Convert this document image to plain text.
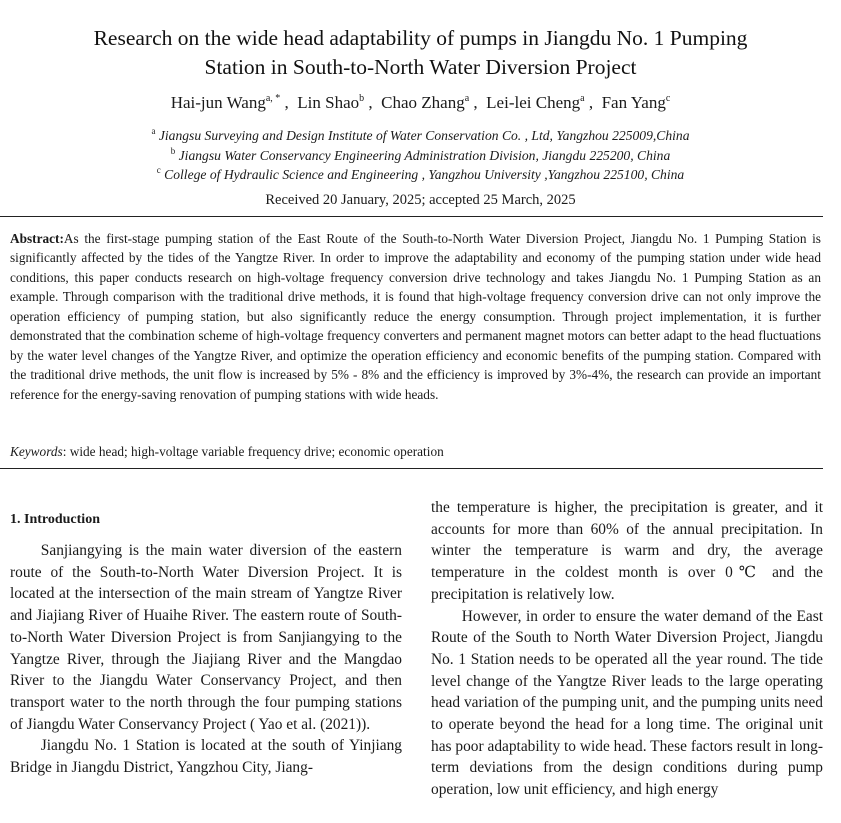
Research on the wide head adaptability of pumps in Jiangdu No. 1 Pumping
Station in South-to-North Water Diversion Project
Hai-jun Wang$^{a, *}$ ,  Lin Shao$^b$ ,  Chao Zhang$^a$ ,  Lei-lei Cheng$^a$ ,  Fan Yang$^c$
$^a$ Jiangsu Surveying and Design Institute of Water Conservation Co. , Ltd, Yangzhou 225009,China
$^b$ Jiangsu Water Conservancy Engineering Administration Division, Jiangdu 225200, China
$^c$ College of Hydraulic Science and Engineering , Yangzhou University ,Yangzhou 225100, China
Received 20 January, 2025; accepted 25 March, 2025
Abstract:As the first-stage pumping station of the East Route of the South-to-North Water Diversion Project, Jiangdu No. 1 Pumping Station is significantly affected by the tides of the Yangtze River. In order to improve the adaptability and economy of the pumping station under wide head conditions, this paper conducts research on high-voltage frequency conversion drive technology and takes Jiangdu No. 1 Pumping Station as an example. Through comparison with the traditional drive methods, it is found that high-voltage frequency conversion drive can not only improve the operation efficiency of pumping station, but also significantly reduce the energy consumption. Through project implementation, it is further demonstrated that the combination scheme of high-voltage frequency converters and permanent magnet motors can better adapt to the head fluctuations by the water level changes of the Yangtze River, and optimize the operation efficiency and economic benefits of the pumping station. Compared with the traditional drive methods, the unit flow is increased by 5% - 8% and the efficiency is improved by 3%-4%, the research can provide an important reference for the energy-saving renovation of pumping stations with wide heads.
Keywords: wide head; high-voltage variable frequency drive; economic operation
1. Introduction

Sanjiangying is the main water diversion of the eastern route of the South-to-North Water Diversion Project. It is located at the intersection of the main stream of Yangtze River and Jiajiang River of Huaihe River. The eastern route of South-to-North Water Diversion Project is from Sanjiangying to the Yangtze River, through the Jiajiang River and the Mangdao River to the Jiangdu Water Conservancy Project, and then transport water to the north through the four pumping stations of Jiangdu Water Conservancy Project ( Yao et al. (2021)).

Jiangdu No. 1 Station is located at the south of Yinjiang Bridge in Jiangdu District, Yangzhou City, Jiang-

the temperature is higher, the precipitation is greater, and it accounts for more than 60% of the annual precipitation. In winter the temperature is warm and dry, the average temperature in the coldest month is over 0℃ and the precipitation is relatively low.

However, in order to ensure the water demand of the East Route of the South to North Water Diversion Project, Jiangdu No. 1 Station needs to be operated all the year round. The tide level change of the Yangtze River leads to the large operating head variation of the pumping unit, and the pumping units need to operate beyond the head for a long time. The original unit has poor adaptability to wide head. These factors result in long-term deviations from the design conditions during pump operation, low unit efficiency, and high energy
